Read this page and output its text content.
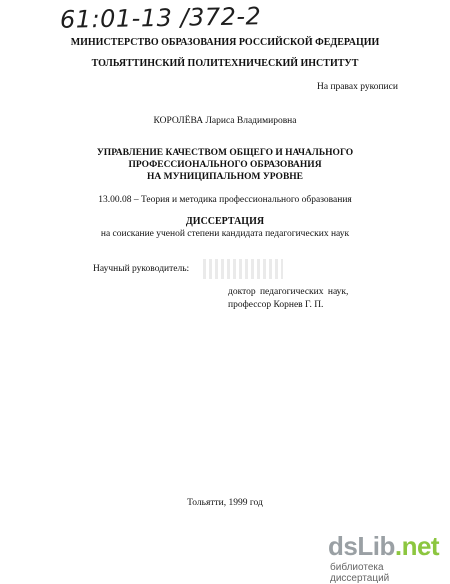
61:01-13 /372-2
МИНИСТЕРСТВО ОБРАЗОВАНИЯ РОССИЙСКОЙ ФЕДЕРАЦИИ
ТОЛЬЯТТИНСКИЙ ПОЛИТЕХНИЧЕСКИЙ ИНСТИТУТ
На правах рукописи
КОРОЛЁВА Лариса Владимировна
УПРАВЛЕНИЕ КАЧЕСТВОМ ОБЩЕГО И НАЧАЛЬНОГО
ПРОФЕССИОНАЛЬНОГО ОБРАЗОВАНИЯ
НА МУНИЦИПАЛЬНОМ УРОВНЕ
13.00.08 – Теория и методика профессионального образования
ДИССЕРТАЦИЯ
на соискание ученой степени кандидата педагогических наук
Научный руководитель:
доктор педагогических наук,
профессор Корнев Г. П.
Тольятти, 1999 год
dsLib.net
библиотека диссертаций
